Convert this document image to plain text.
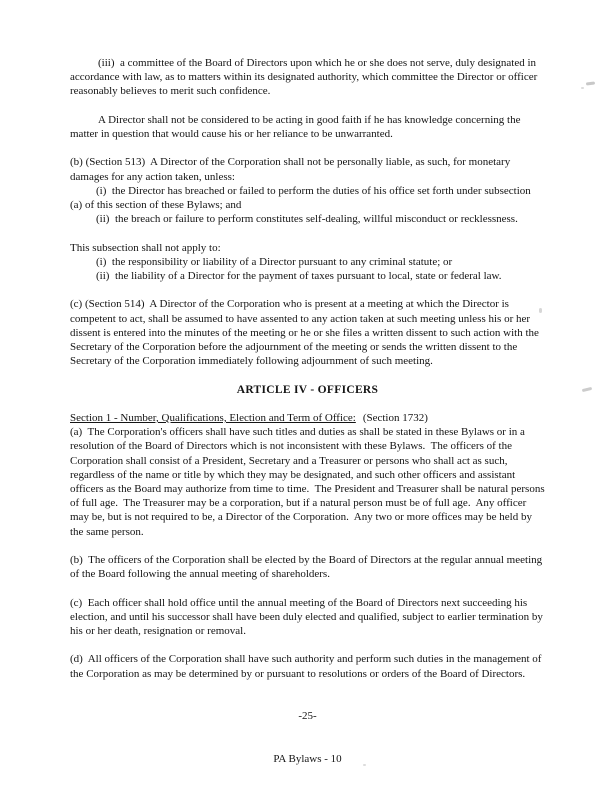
(iii)  a committee of the Board of Directors upon which he or she does not serve, duly designated in accordance with law, as to matters within its designated authority, which committee the Director or officer reasonably believes to merit such confidence.

A Director shall not be considered to be acting in good faith if he has knowledge concerning the matter in question that would cause his or her reliance to be unwarranted.

(b) (Section 513)  A Director of the Corporation shall not be personally liable, as such, for monetary damages for any action taken, unless:

(i)  the Director has breached or failed to perform the duties of his office set forth under subsection (a) of this section of these Bylaws; and

(ii)  the breach or failure to perform constitutes self-dealing, willful misconduct or recklessness.

This subsection shall not apply to:

(i)  the responsibility or liability of a Director pursuant to any criminal statute; or

(ii)  the liability of a Director for the payment of taxes pursuant to local, state or federal law.

(c) (Section 514)  A Director of the Corporation who is present at a meeting at which the Director is competent to act, shall be assumed to have assented to any action taken at such meeting unless his or her dissent is entered into the minutes of the meeting or he or she files a written dissent to such action with the Secretary of the Corporation before the adjournment of the meeting or sends the written dissent to the Secretary of the Corporation immediately following adjournment of such meeting.

ARTICLE IV - OFFICERS

Section 1 - Number, Qualifications, Election and Term of Office: (Section 1732)

(a)  The Corporation's officers shall have such titles and duties as shall be stated in these Bylaws or in a resolution of the Board of Directors which is not inconsistent with these Bylaws.  The officers of the Corporation shall consist of a President, Secretary and a Treasurer or persons who shall act as such, regardless of the name or title by which they may be designated, and such other officers and assistant officers as the Board may authorize from time to time.  The President and Treasurer shall be natural persons of full age.  The Treasurer may be a corporation, but if a natural person must be of full age.  Any officer may be, but is not required to be, a Director of the Corporation.  Any two or more offices may be held by the same person.

(b)  The officers of the Corporation shall be elected by the Board of Directors at the regular annual meeting of the Board following the annual meeting of shareholders.

(c)  Each officer shall hold office until the annual meeting of the Board of Directors next succeeding his election, and until his successor shall have been duly elected and qualified, subject to earlier termination by his or her death, resignation or removal.

(d)  All officers of the Corporation shall have such authority and perform such duties in the management of the Corporation as may be determined by or pursuant to resolutions or orders of the Board of Directors.

-25-

PA Bylaws - 10
